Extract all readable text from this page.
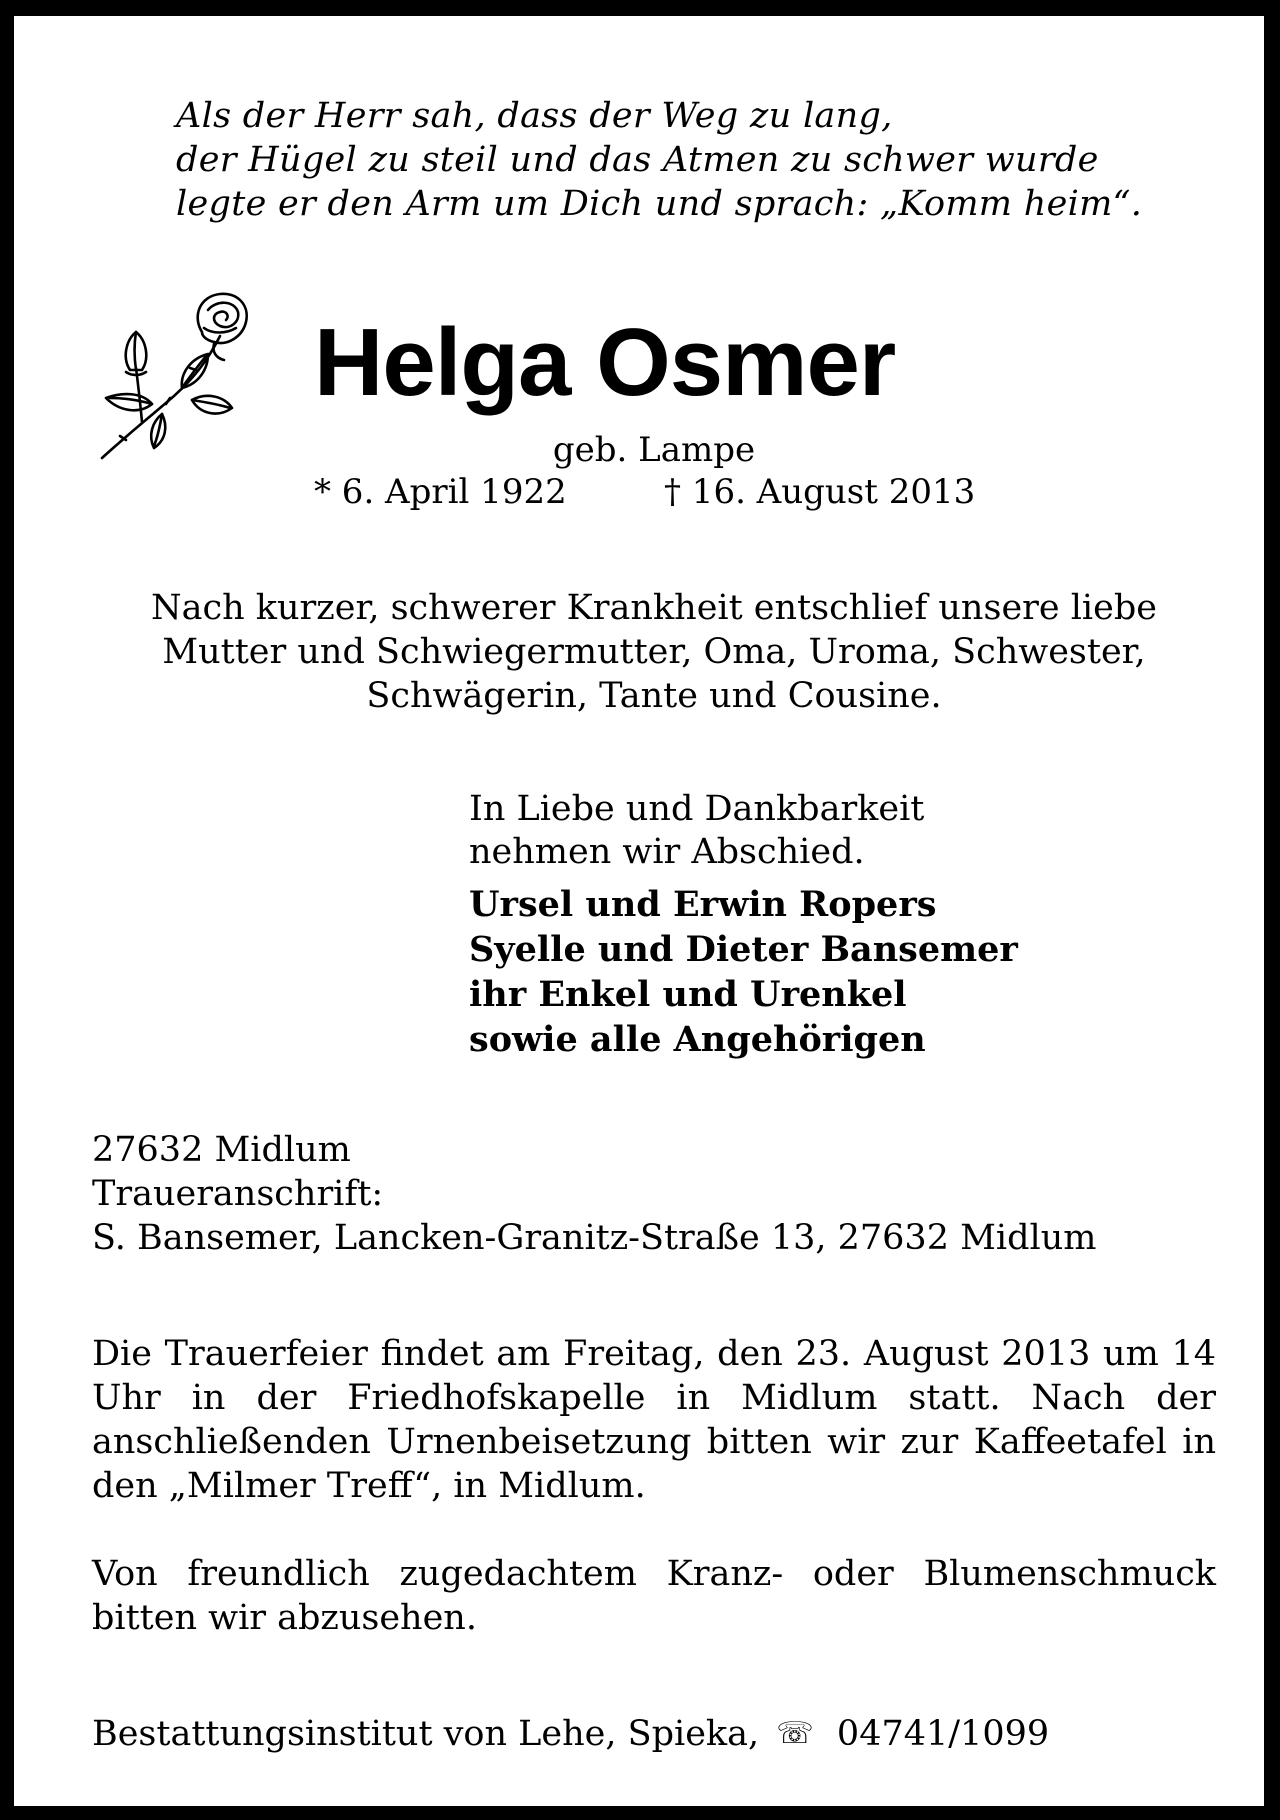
Als der Herr sah, dass der Weg zu lang,
der Hügel zu steil und das Atmen zu schwer wurde
legte er den Arm um Dich und sprach: „Komm heim“.
Helga Osmer
geb. Lampe
* 6. April 1922	† 16. August 2013
Nach kurzer, schwerer Krankheit entschlief unsere liebe
Mutter und Schwiegermutter, Oma, Uroma, Schwester,
Schwägerin, Tante und Cousine.
In Liebe und Dankbarkeit
nehmen wir Abschied.
Ursel und Erwin Ropers
Syelle und Dieter Bansemer
ihr Enkel und Urenkel
sowie alle Angehörigen
27632 Midlum
Traueranschrift:
S. Bansemer, Lancken-Granitz-Straße 13, 27632 Midlum
Die Trauerfeier findet am Freitag, den 23. August 2013 um 14 Uhr in der Friedhofskapelle in Midlum statt. Nach der anschließenden Urnenbeisetzung bitten wir zur Kaffeetafel in den „Milmer Treff“, in Midlum.
Von freundlich zugedachtem Kranz- oder Blumenschmuck bitten wir abzusehen.
Bestattungsinstitut von Lehe, Spieka, ☏ 04741/1099
